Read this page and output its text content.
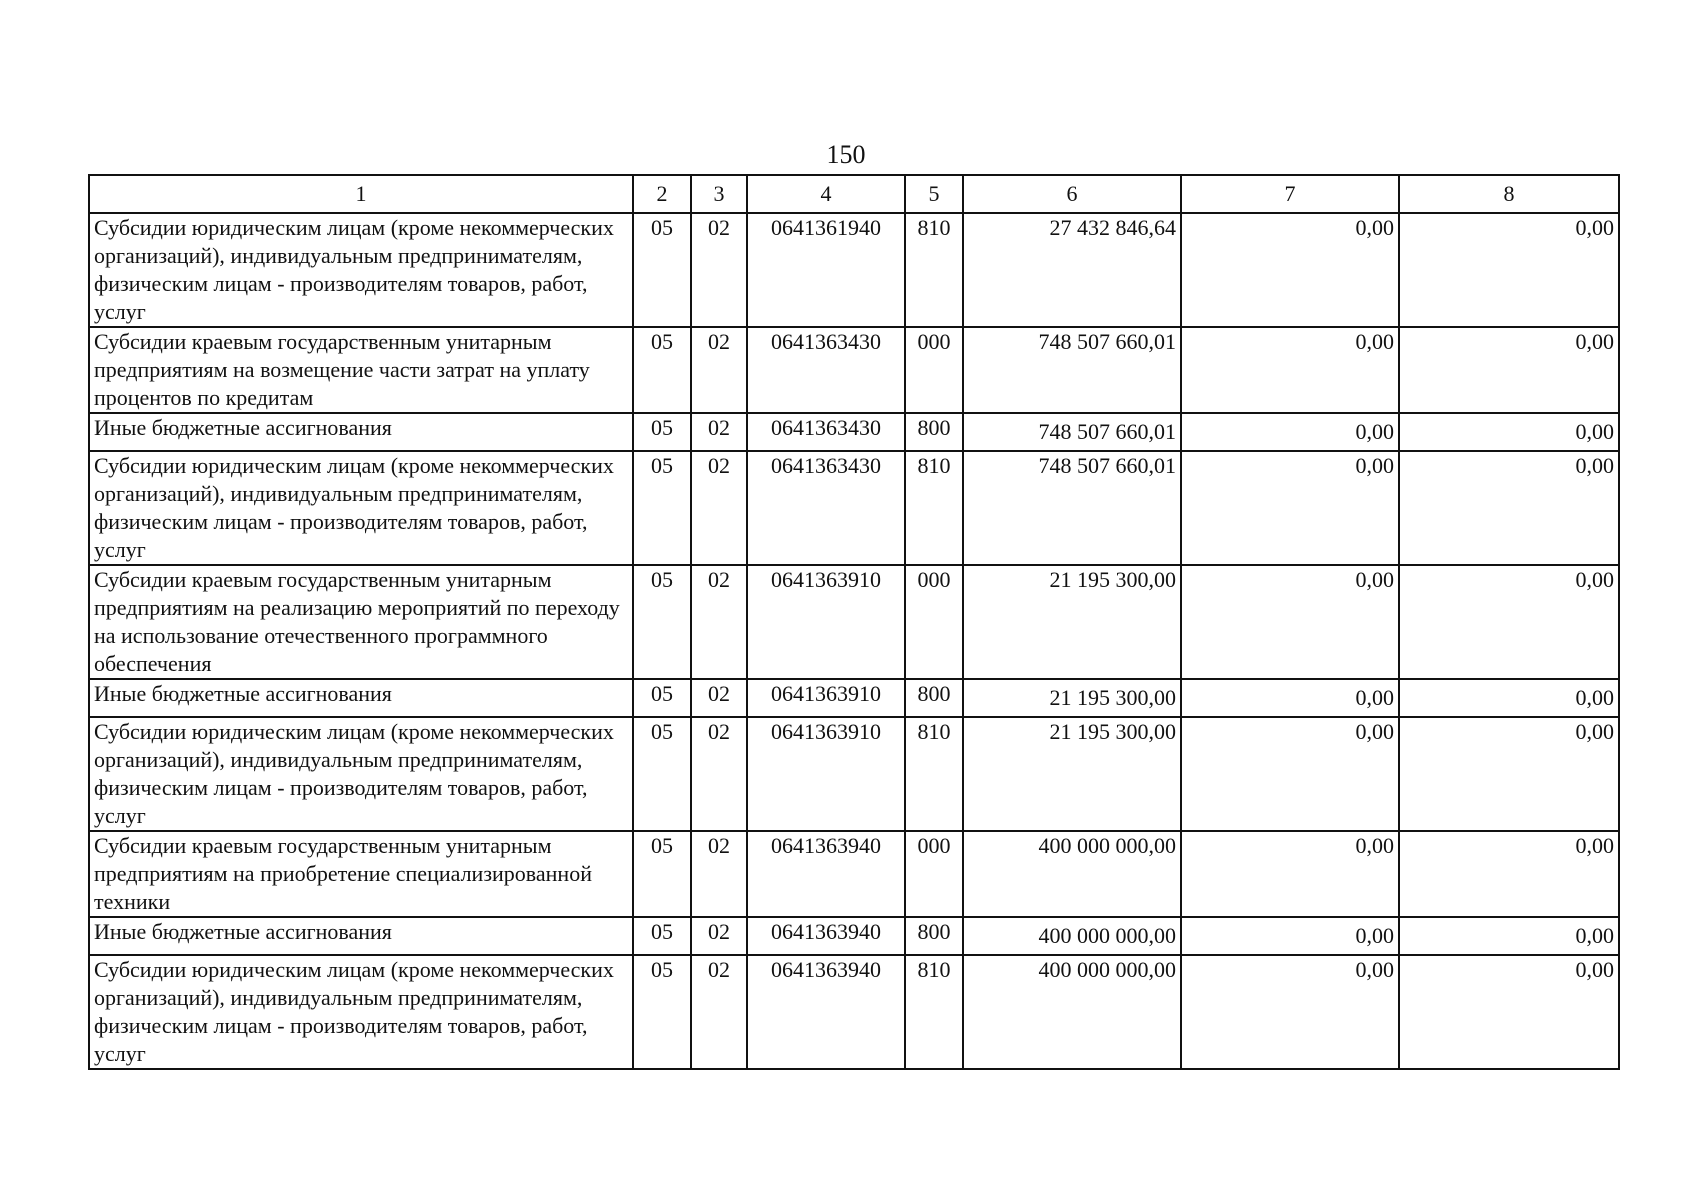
150
1	2	3	4	5	6	7	8
Субсидии юридическим лицам (кроме некоммерческих организаций), индивидуальным предпринимателям, физическим лицам - производителям товаров, работ, услуг	05	02	0641361940	810	27 432 846,64	0,00	0,00
Субсидии краевым государственным унитарным предприятиям на возмещение части затрат на уплату процентов по кредитам	05	02	0641363430	000	748 507 660,01	0,00	0,00
Иные бюджетные ассигнования	05	02	0641363430	800	748 507 660,01	0,00	0,00
Субсидии юридическим лицам (кроме некоммерческих организаций), индивидуальным предпринимателям, физическим лицам - производителям товаров, работ, услуг	05	02	0641363430	810	748 507 660,01	0,00	0,00
Субсидии краевым государственным унитарным предприятиям на реализацию мероприятий по переходу на использование отечественного программного обеспечения	05	02	0641363910	000	21 195 300,00	0,00	0,00
Иные бюджетные ассигнования	05	02	0641363910	800	21 195 300,00	0,00	0,00
Субсидии юридическим лицам (кроме некоммерческих организаций), индивидуальным предпринимателям, физическим лицам - производителям товаров, работ, услуг	05	02	0641363910	810	21 195 300,00	0,00	0,00
Субсидии краевым государственным унитарным предприятиям на приобретение специализированной техники	05	02	0641363940	000	400 000 000,00	0,00	0,00
Иные бюджетные ассигнования	05	02	0641363940	800	400 000 000,00	0,00	0,00
Субсидии юридическим лицам (кроме некоммерческих организаций), индивидуальным предпринимателям, физическим лицам - производителям товаров, работ, услуг	05	02	0641363940	810	400 000 000,00	0,00	0,00
